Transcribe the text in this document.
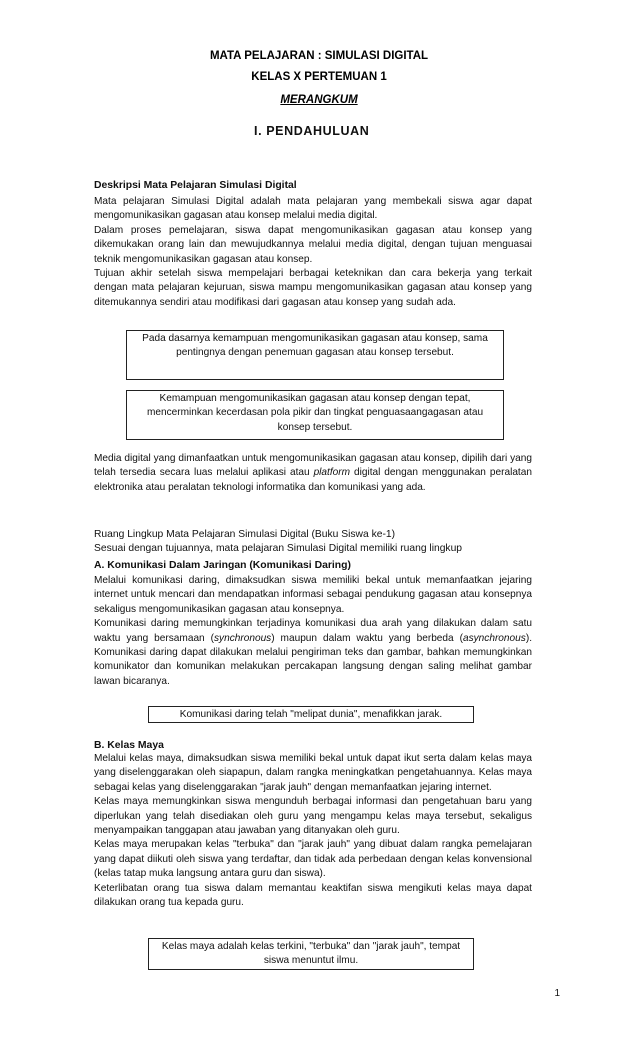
MATA PELAJARAN : SIMULASI DIGITAL
KELAS X PERTEMUAN 1
MERANGKUM
I. PENDAHULUAN
Deskripsi Mata Pelajaran Simulasi Digital

Mata pelajaran Simulasi Digital adalah mata pelajaran yang membekali siswa agar dapat mengomunikasikan gagasan atau konsep melalui media digital.

Dalam proses pemelajaran, siswa dapat mengomunikasikan gagasan atau konsep yang dikemukakan orang lain dan mewujudkannya melalui media digital, dengan tujuan menguasai teknik mengomunikasikan gagasan atau konsep.

Tujuan akhir setelah siswa mempelajari berbagai keteknikan dan cara bekerja yang terkait dengan mata pelajaran kejuruan, siswa mampu mengomunikasikan gagasan atau konsep yang ditemukannya sendiri atau modifikasi dari gagasan atau konsep yang sudah ada.

Pada dasarnya kemampuan mengomunikasikan gagasan atau konsep, sama pentingnya dengan penemuan gagasan atau konsep tersebut.
Kemampuan mengomunikasikan gagasan atau konsep dengan tepat, mencerminkan kecerdasan pola pikir dan tingkat penguasaangagasan atau konsep tersebut.

Media digital yang dimanfaatkan untuk mengomunikasikan gagasan atau konsep, dipilih dari yang telah tersedia secara luas melalui aplikasi atau platform digital dengan menggunakan peralatan elektronika atau peralatan teknologi informatika dan komunikasi yang ada.

Ruang Lingkup Mata Pelajaran Simulasi Digital (Buku Siswa ke-1)

Sesuai dengan tujuannya, mata pelajaran Simulasi Digital memiliki ruang lingkup

A. Komunikasi Dalam Jaringan (Komunikasi Daring)

Melalui komunikasi daring, dimaksudkan siswa memiliki bekal untuk memanfaatkan jejaring internet untuk mencari dan mendapatkan informasi sebagai pendukung gagasan atau konsepnya sekaligus mengomunikasikan gagasan atau konsepnya.

Komunikasi daring memungkinkan terjadinya komunikasi dua arah yang dilakukan dalam satu waktu yang bersamaan (synchronous) maupun dalam waktu yang berbeda (asynchronous). Komunikasi daring dapat dilakukan melalui pengiriman teks dan gambar, bahkan memungkinkan komunikator dan komunikan melakukan percakapan langsung dengan saling melihat gambar lawan bicaranya.

Komunikasi daring telah "melipat dunia", menafikkan jarak.
B. Kelas Maya

Melalui kelas maya, dimaksudkan siswa memiliki bekal untuk dapat ikut serta dalam kelas maya yang diselenggarakan oleh siapapun, dalam rangka meningkatkan pengetahuannya. Kelas maya sebagai kelas yang diselenggarakan "jarak jauh" dengan memanfaatkan jejaring internet.

Kelas maya memungkinkan siswa mengunduh berbagai informasi dan pengetahuan baru yang diperlukan yang telah disediakan oleh guru yang mengampu kelas maya tersebut, sekaligus menyampaikan tanggapan atau jawaban yang ditanyakan oleh guru.

Kelas maya merupakan kelas "terbuka" dan "jarak jauh" yang dibuat dalam rangka pemelajaran yang dapat diikuti oleh siswa yang terdaftar, dan tidak ada perbedaan dengan kelas konvensional (kelas tatap muka langsung antara guru dan siswa).

Keterlibatan orang tua siswa dalam memantau keaktifan siswa mengikuti kelas maya dapat dilakukan orang tua kepada guru.

Kelas maya adalah kelas terkini, "terbuka" dan "jarak jauh", tempat siswa menuntut ilmu.
1
